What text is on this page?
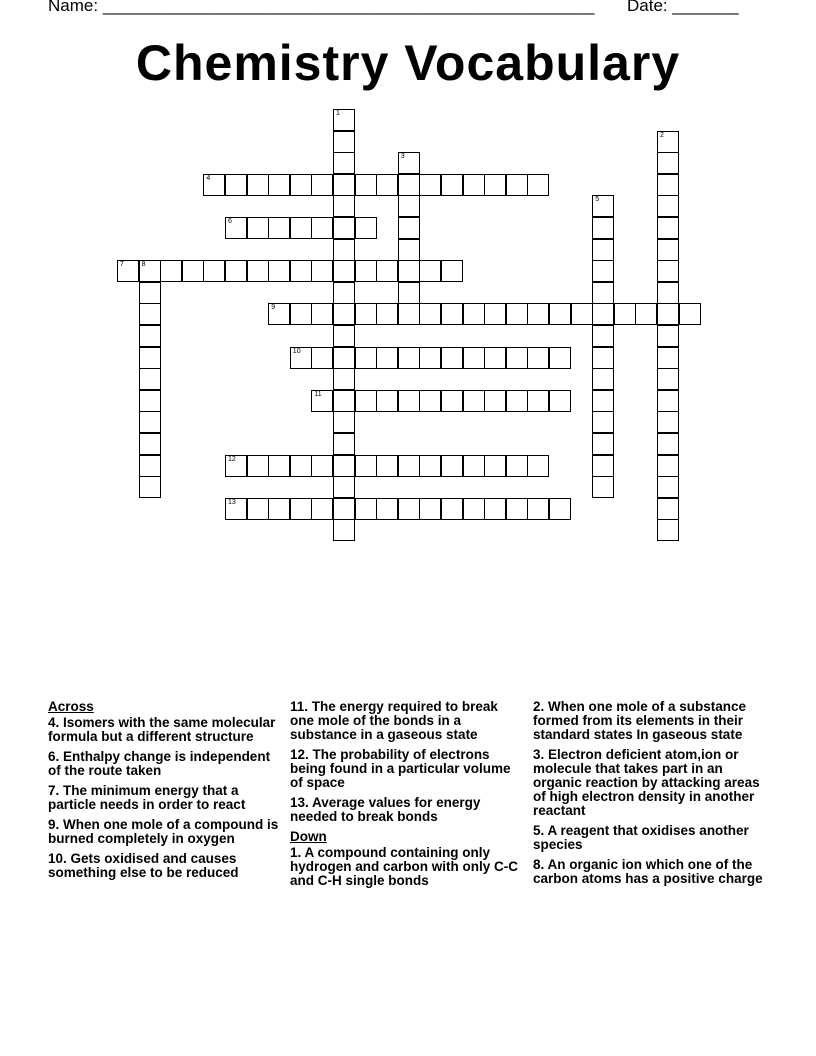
Name: ____________________________________________________ Date: _______
Chemistry Vocabulary
4
6
7	8
9
10
11
12
13
1
2
3
5
Across
4. Isomers with the same molecular formula but a different structure
6. Enthalpy change is independent of the route taken
7. The minimum energy that a particle needs in order to react
9. When one mole of a compound is burned completely in oxygen
10. Gets oxidised and causes something else to be reduced
11. The energy required to break one mole of the bonds in a substance in a gaseous state
12. The probability of electrons being found in a particular volume of space
13. Average values for energy needed to break bonds
Down
1. A compound containing only hydrogen and carbon with only C-C and C-H single bonds
2. When one mole of a substance formed from its elements in their standard states In gaseous state
3. Electron deficient atom,ion or molecule that takes part in an organic reaction by attacking areas of high electron density in another reactant
5. A reagent that oxidises another species
8. An organic ion which one of the carbon atoms has a positive charge
